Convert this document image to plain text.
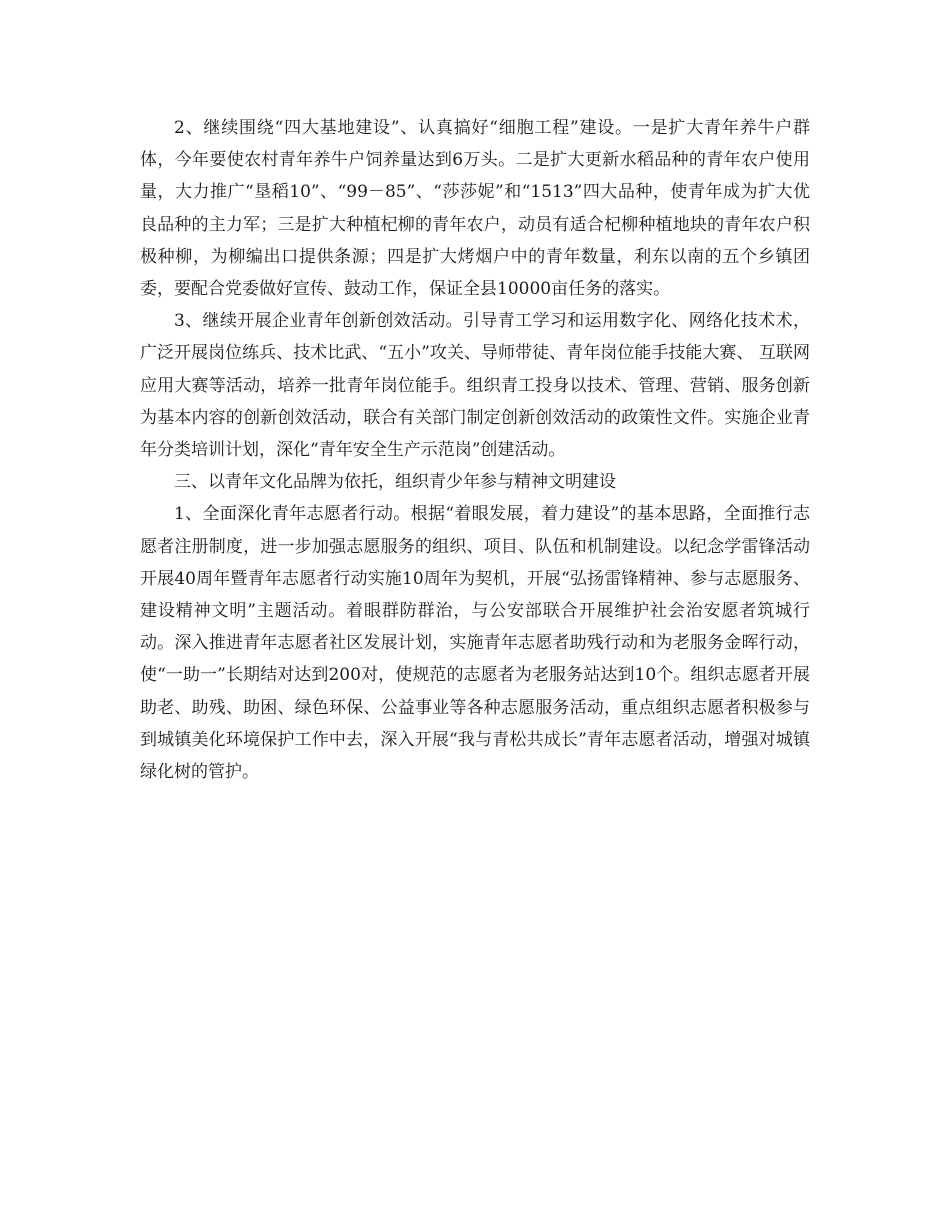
2、继续围绕“四大基地建设”、认真搞好“细胞工程”建设。一是扩大青年养牛户群体，今年要使农村青年养牛户饲养量达到6万头。二是扩大更新水稻品种的青年农户使用量，大力推广“垦稻10”、“99－85”、“莎莎妮”和“1513”四大品种，使青年成为扩大优良品种的主力军；三是扩大种植杞柳的青年农户，动员有适合杞柳种植地块的青年农户积极种柳，为柳编出口提供条源；四是扩大烤烟户中的青年数量，利东以南的五个乡镇团委，要配合党委做好宣传、鼓动工作，保证全县10000亩任务的落实。

3、继续开展企业青年创新创效活动。引导青工学习和运用数字化、网络化技术术，广泛开展岗位练兵、技术比武、“五小”攻关、导师带徒、青年岗位能手技能大赛、 互联网应用大赛等活动，培养一批青年岗位能手。组织青工投身以技术、管理、营销、服务创新为基本内容的创新创效活动，联合有关部门制定创新创效活动的政策性文件。实施企业青年分类培训计划，深化“青年安全生产示范岗”创建活动。

三、以青年文化品牌为依托，组织青少年参与精神文明建设

1、全面深化青年志愿者行动。根据“着眼发展，着力建设”的基本思路，全面推行志愿者注册制度，进一步加强志愿服务的组织、项目、队伍和机制建设。以纪念学雷锋活动开展40周年暨青年志愿者行动实施10周年为契机，开展“弘扬雷锋精神、参与志愿服务、建设精神文明”主题活动。着眼群防群治，与公安部联合开展维护社会治安愿者筑城行动。深入推进青年志愿者社区发展计划，实施青年志愿者助残行动和为老服务金晖行动，使“一助一”长期结对达到200对，使规范的志愿者为老服务站达到10个。组织志愿者开展助老、助残、助困、绿色环保、公益事业等各种志愿服务活动，重点组织志愿者积极参与到城镇美化环境保护工作中去，深入开展“我与青松共成长”青年志愿者活动，增强对城镇绿化树的管护。
